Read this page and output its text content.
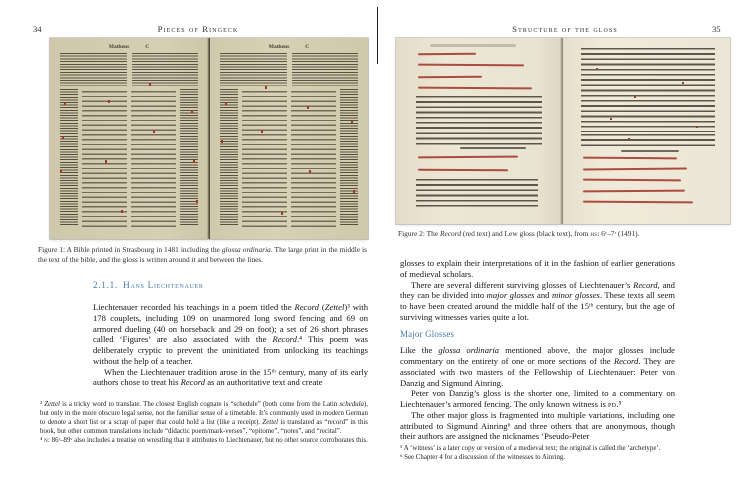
34	Pieces of Ringeck
Matheus	C	Matheus	C
Figure 1: A Bible printed in Strasbourg in 1481 including the glossa ordinaria. The large print in the middle is the text of the bible, and the gloss is written around it and between the lines.
2.1.1. Hans Liechtenauer

Liechtenauer recorded his teachings in a poem titled the Record (Zettel)³ with 178 couplets, including 109 on unarmored long sword fencing and 69 on armored dueling (40 on horseback and 29 on foot); a set of 26 short phrases called ‘Figures’ are also associated with the Record.⁴ This poem was deliberately cryptic to prevent the uninitiated from unlocking its teachings without the help of a teacher.

When the Liechtenauer tradition arose in the 15ᵗʰ century, many of its early authors chose to treat his Record as an authoritative text and create

³ Zettel is a tricky word to translate. The closest English cognate is “schedule” (both come from the Latin schedula), but only in the more obscure legal sense, not the familiar sense of a timetable. It’s commonly used in modern German to denote a short list or a scrap of paper that could hold a list (like a receipt). Zettel is translated as “record” in this book, but other common translations include “didactic poem/mark-verses”, “epitome”, “notes”, and “recital”.

⁴ n: 86ʳ–89ᵛ also includes a treatise on wrestling that it attributes to Liechtenauer, but no other source corroborates this.

Structure of the gloss	35
Figure 2: The Record (red text) and Lew gloss (black text), from hs: 6ᵛ–7ʳ (1491).

glosses to explain their interpretations of it in the fashion of earlier generations of medieval scholars.

There are several different surviving glosses of Liechtenauer’s Record, and they can be divided into major glosses and minor glosses. These texts all seem to have been created around the middle half of the 15ᵗʰ century, but the age of surviving witnesses varies quite a lot.

Major Glosses

Like the glossa ordinaria mentioned above, the major glosses include commentary on the entirety of one or more sections of the Record. They are associated with two masters of the Fellowship of Liechtenauer: Peter von Danzig and Sigmund Ainring.

Peter von Danzig’s gloss is the shorter one, limited to a commentary on Liechtenauer’s armored fencing. The only known witness is pd.⁵

The other major gloss is fragmented into multiple variations, including one attributed to Sigmund Ainring⁶ and three others that are anonymous, though their authors are assigned the nicknames ‘Pseudo-Peter

⁵ A ‘witness’ is a later copy or version of a medieval text; the original is called the ‘archetype’.

⁶ See Chapter 4 for a discussion of the witnesses to Ainring.
